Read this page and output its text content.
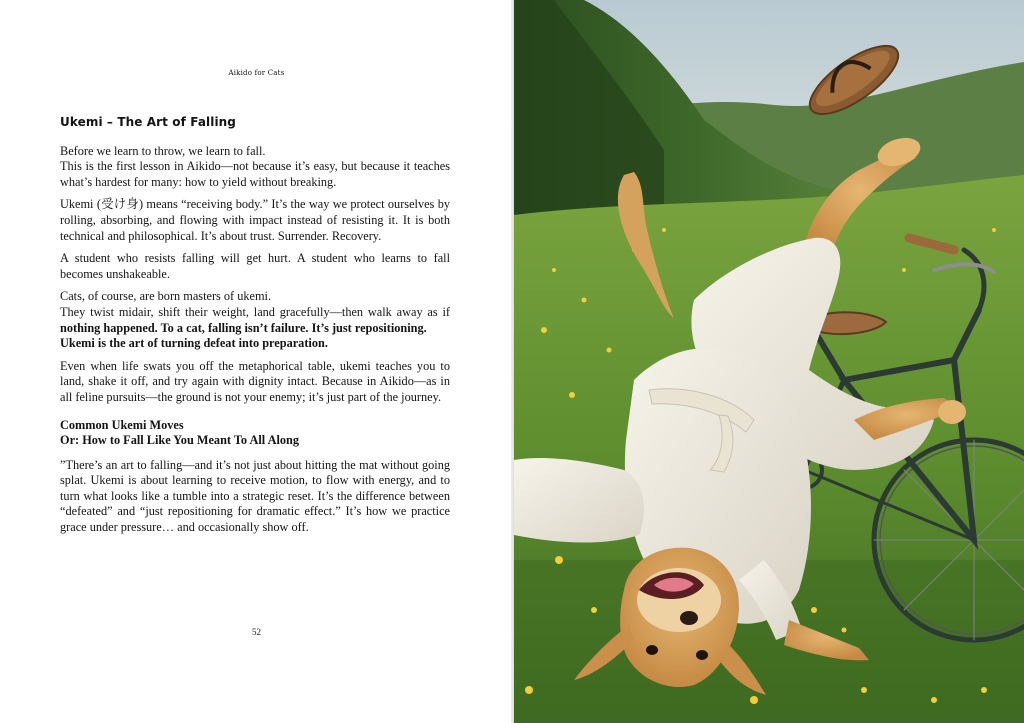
Aikido for Cats
Ukemi – The Art of Falling
Before we learn to throw, we learn to fall.
This is the first lesson in Aikido—not because it’s easy, but because it teaches what’s hardest for many: how to yield without breaking.
Ukemi (受け身) means “receiving body.” It’s the way we protect ourselves by rolling, absorbing, and flowing with impact instead of resisting it. It is both technical and philosophical. It’s about trust. Surrender. Recovery.
A student who resists falling will get hurt. A student who learns to fall becomes unshakeable.
Cats, of course, are born masters of ukemi.
They twist midair, shift their weight, land gracefully—then walk away as if
nothing happened. To a cat, falling isn’t failure. It’s just repositioning.
Ukemi is the art of turning defeat into preparation.
Even when life swats you off the metaphorical table, ukemi teaches you to land, shake it off, and try again with dignity intact. Because in Aikido—as in all feline pursuits—the ground is not your enemy; it’s just part of the journey.
Common Ukemi Moves
Or: How to Fall Like You Meant To All Along
”There’s an art to falling—and it’s not just about hitting the mat without going splat. Ukemi is about learning to receive motion, to flow with energy, and to turn what looks like a tumble into a strategic reset. It’s the difference between “defeated” and “just repositioning for dramatic effect.” It’s how we practice grace under pressure… and occasionally show off.
52
